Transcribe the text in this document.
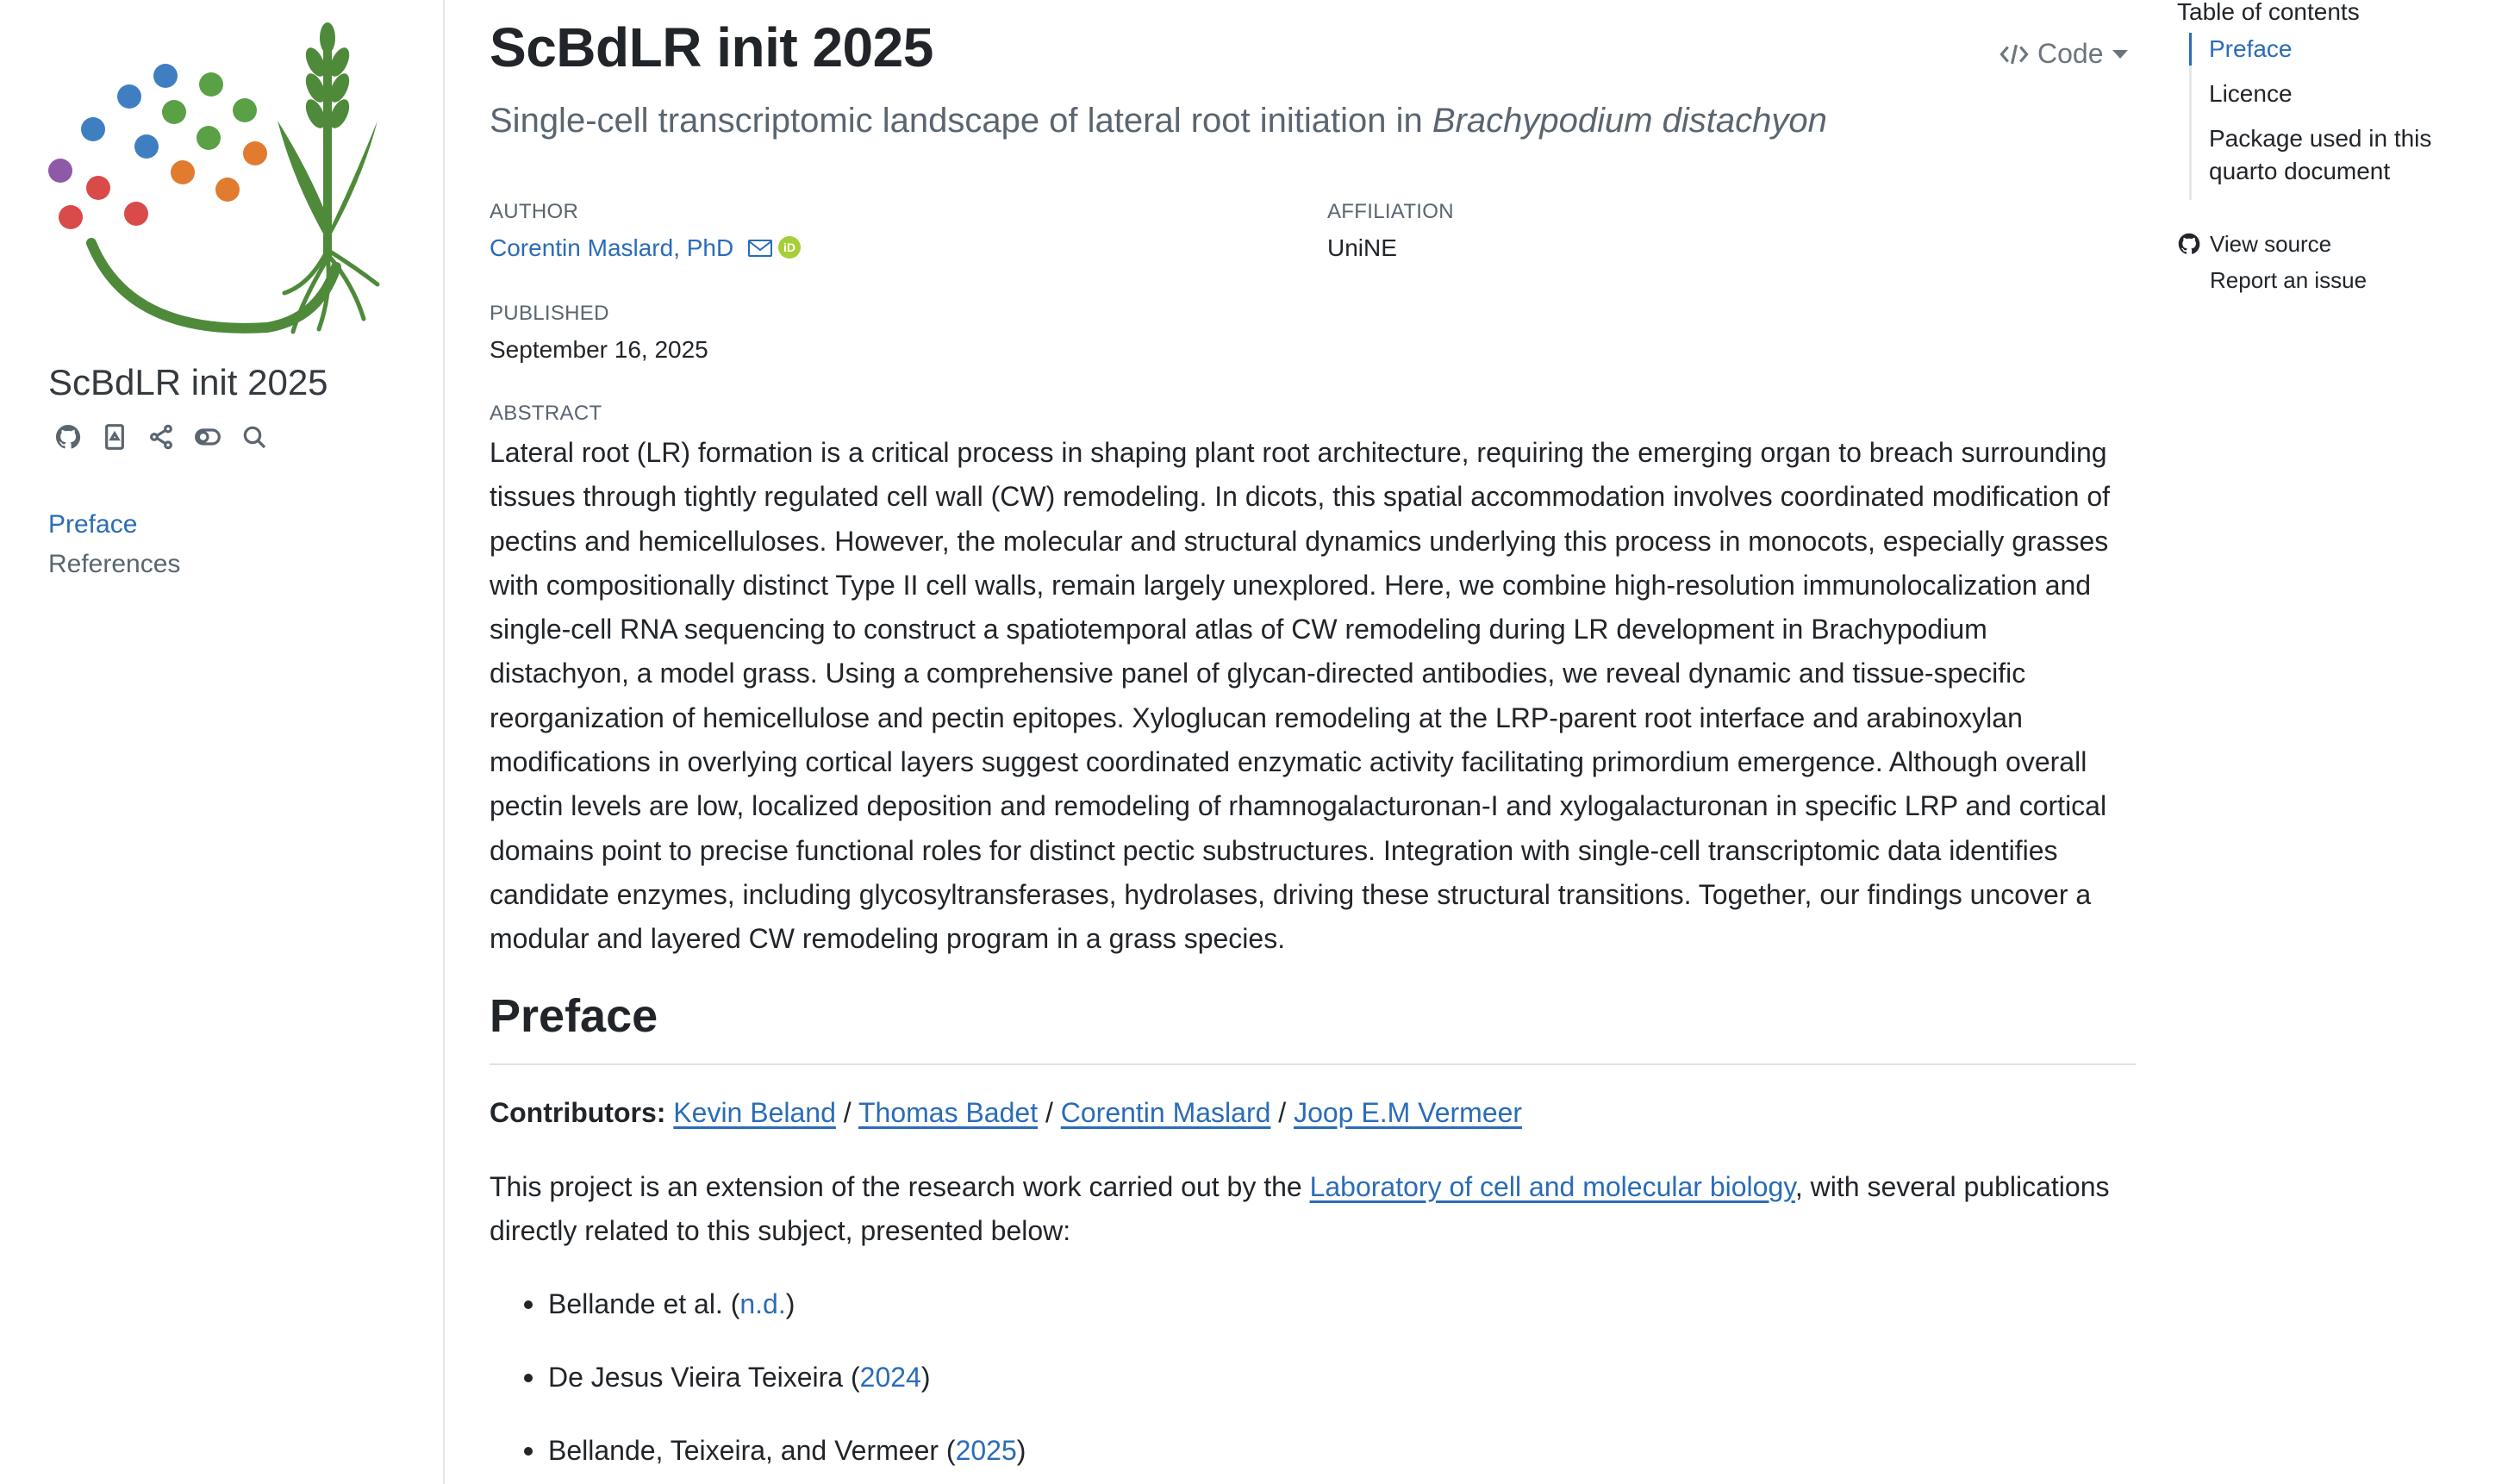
ScBdLR init 2025
Preface
References
ScBdLR init 2025	Code
Single-cell transcriptomic landscape of lateral root initiation in Brachypodium distachyon
AUTHOR
Corentin Maslard, PhD	iD
AFFILIATION
UniNE
PUBLISHED
September 16, 2025
ABSTRACT
Lateral root (LR) formation is a critical process in shaping plant root architecture, requiring the emerging organ to breach surrounding
tissues through tightly regulated cell wall (CW) remodeling. In dicots, this spatial accommodation involves coordinated modification of
pectins and hemicelluloses. However, the molecular and structural dynamics underlying this process in monocots, especially grasses
with compositionally distinct Type II cell walls, remain largely unexplored. Here, we combine high-resolution immunolocalization and
single-cell RNA sequencing to construct a spatiotemporal atlas of CW remodeling during LR development in Brachypodium
distachyon, a model grass. Using a comprehensive panel of glycan-directed antibodies, we reveal dynamic and tissue-specific
reorganization of hemicellulose and pectin epitopes. Xyloglucan remodeling at the LRP-parent root interface and arabinoxylan
modifications in overlying cortical layers suggest coordinated enzymatic activity facilitating primordium emergence. Although overall
pectin levels are low, localized deposition and remodeling of rhamnogalacturonan-I and xylogalacturonan in specific LRP and cortical
domains point to precise functional roles for distinct pectic substructures. Integration with single-cell transcriptomic data identifies
candidate enzymes, including glycosyltransferases, hydrolases, driving these structural transitions. Together, our findings uncover a
modular and layered CW remodeling program in a grass species.
Preface
Contributors: Kevin Beland / Thomas Badet / Corentin Maslard / Joop E.M Vermeer
This project is an extension of the research work carried out by the Laboratory of cell and molecular biology, with several publications
directly related to this subject, presented below:
Bellande et al. (n.d.)
De Jesus Vieira Teixeira (2024)
Bellande, Teixeira, and Vermeer (2025)
Table of contents
Preface
Licence
Package used in this quarto document
View source
Report an issue
